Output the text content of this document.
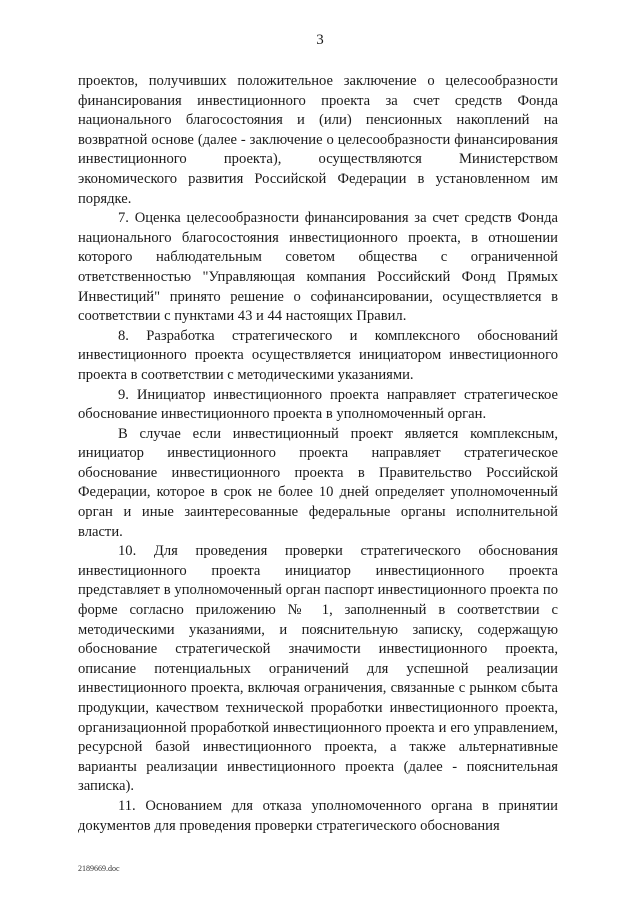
3

проектов, получивших положительное заключение о целесообразности финансирования инвестиционного проекта за счет средств Фонда национального благосостояния и (или) пенсионных накоплений на возвратной основе (далее - заключение о целесообразности финансирования инвестиционного проекта), осуществляются Министерством экономического развития Российской Федерации в установленном им порядке.

7. Оценка целесообразности финансирования за счет средств Фонда национального благосостояния инвестиционного проекта, в отношении которого наблюдательным советом общества с ограниченной ответственностью "Управляющая компания Российский Фонд Прямых Инвестиций" принято решение о софинансировании, осуществляется в соответствии с пунктами 43 и 44 настоящих Правил.

8. Разработка стратегического и комплексного обоснований инвестиционного проекта осуществляется инициатором инвестиционного проекта в соответствии с методическими указаниями.

9. Инициатор инвестиционного проекта направляет стратегическое обоснование инвестиционного проекта в уполномоченный орган.

В случае если инвестиционный проект является комплексным, инициатор инвестиционного проекта направляет стратегическое обоснование инвестиционного проекта в Правительство Российской Федерации, которое в срок не более 10 дней определяет уполномоченный орган и иные заинтересованные федеральные органы исполнительной власти.

10. Для проведения проверки стратегического обоснования инвестиционного проекта инициатор инвестиционного проекта представляет в уполномоченный орган паспорт инвестиционного проекта по форме согласно приложению № 1, заполненный в соответствии с методическими указаниями, и пояснительную записку, содержащую обоснование стратегической значимости инвестиционного проекта, описание потенциальных ограничений для успешной реализации инвестиционного проекта, включая ограничения, связанные с рынком сбыта продукции, качеством технической проработки инвестиционного проекта, организационной проработкой инвестиционного проекта и его управлением, ресурсной базой инвестиционного проекта, а также альтернативные варианты реализации инвестиционного проекта (далее - пояснительная записка).

11. Основанием для отказа уполномоченного органа в принятии документов для проведения проверки стратегического обоснования

2189669.doc
